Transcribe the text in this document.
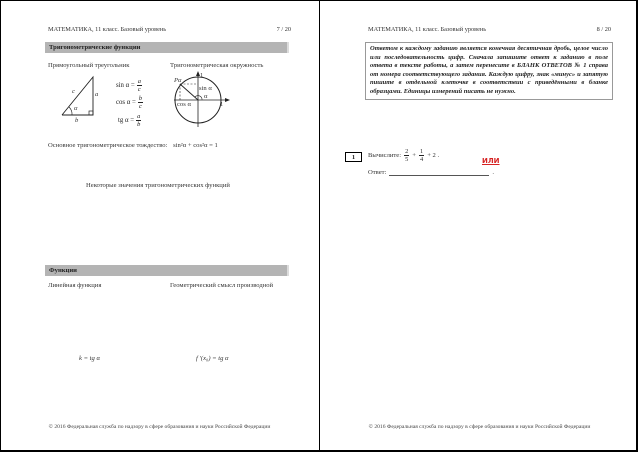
МАТЕМАТИКА, 11 класс. Базовый уровень	7 / 20
Тригонометрические функции
Прямоугольный треугольник
c	a
b
α
$\sin \alpha = \frac{a}{c}$
$\cos \alpha = \frac{b}{c}$
tg $\alpha = \frac{a}{b}$
Тригонометрическая окружность
Pα
1
1
sin α
cos α
α
Основное тригонометрическое тождество: sin²α + cos²α = 1
Некоторые значения тригонометрических функций
Функции
Линейная функция
k = tg α
Геометрический смысл производной
f ′(x₀) = tg α
© 2016 Федеральная служба по надзору в сфере образования и науки Российской Федерации
МАТЕМАТИКА, 11 класс. Базовый уровень	8 / 20
Ответом к каждому заданию является конечная десятичная дробь, целое число или последовательность цифр. Сначала запишите ответ к заданию в поле ответа в тексте работы, а затем перенесите в БЛАНК ОТВЕТОВ № 1 справа от номера соответствующего задания. Каждую цифру, знак «минус» и запятую пишите в отдельной клеточке в соответствии с приведёнными в бланке образцами. Единицы измерений писать не нужно.
1	Вычислите: $\frac{2}{5} + \frac{1}{4} + 2$ .
Ответ:	.
ИЛИ
© 2016 Федеральная служба по надзору в сфере образования и науки Российской Федерации
